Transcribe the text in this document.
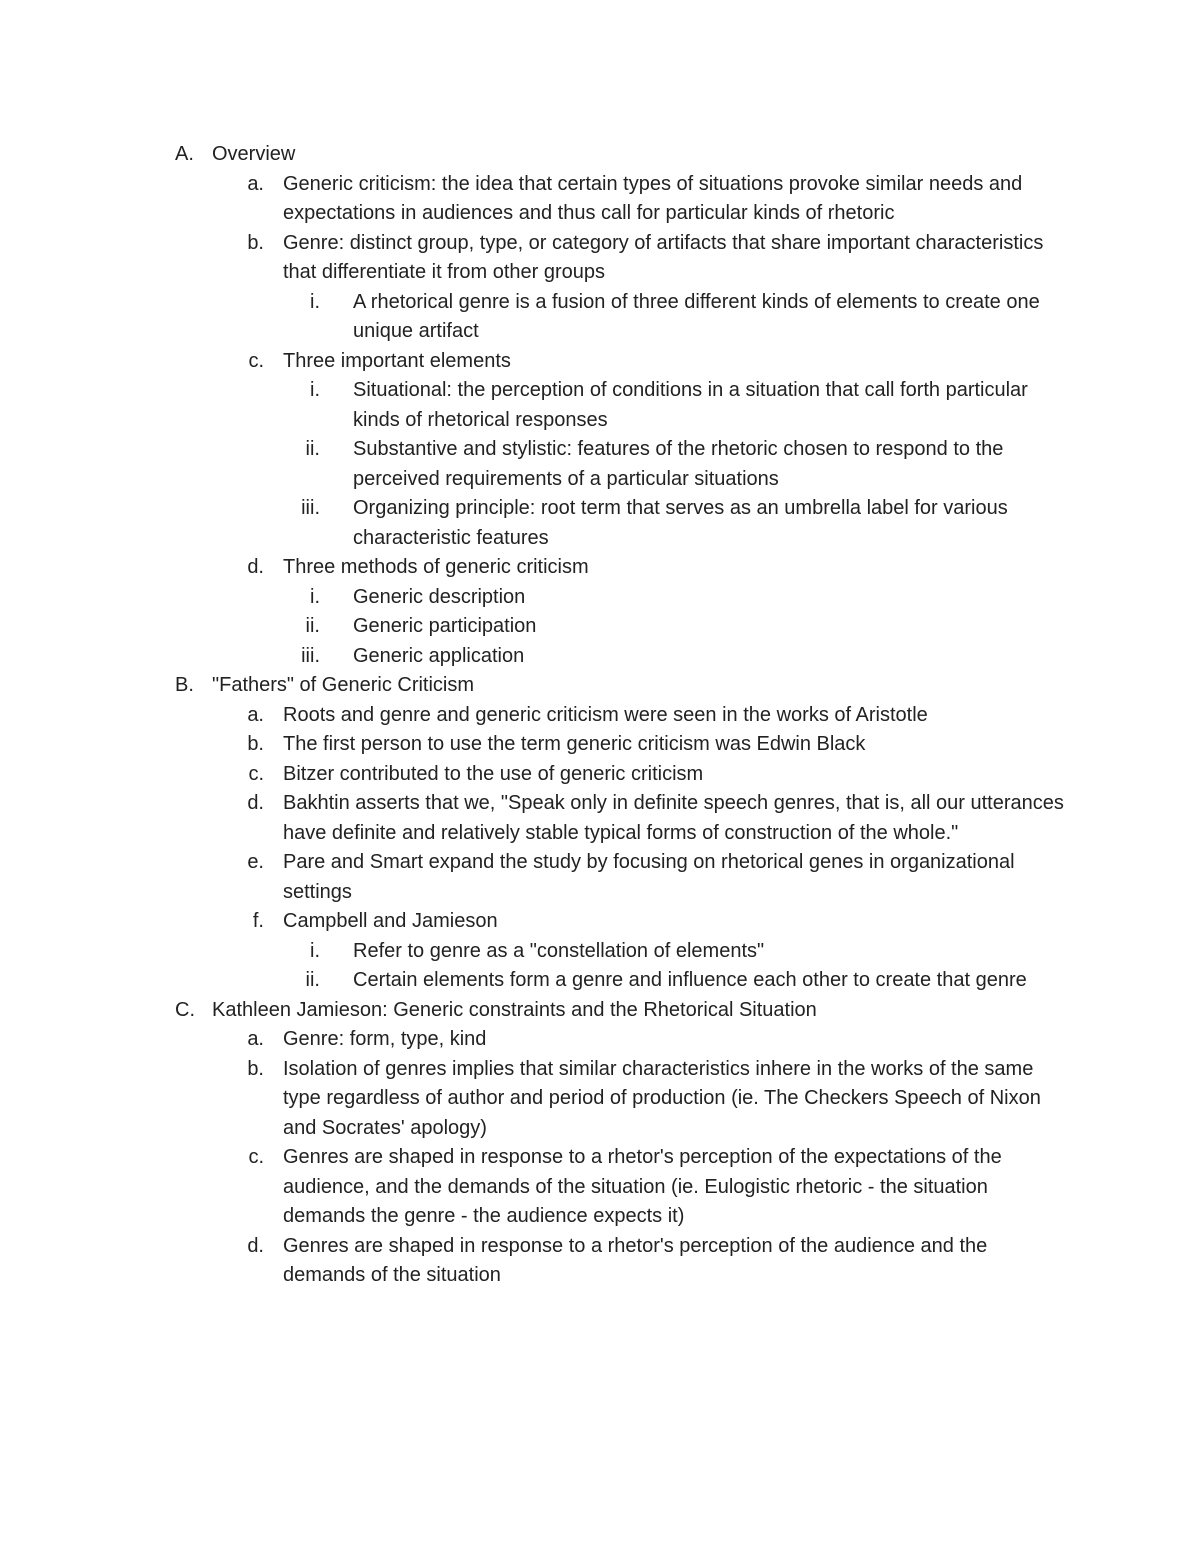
A. Overview
a. Generic criticism: the idea that certain types of situations provoke similar needs and expectations in audiences and thus call for particular kinds of rhetoric
b. Genre: distinct group, type, or category of artifacts that share important characteristics that differentiate it from other groups
i. A rhetorical genre is a fusion of three different kinds of elements to create one unique artifact
c. Three important elements
i. Situational: the perception of conditions in a situation that call forth particular kinds of rhetorical responses
ii. Substantive and stylistic: features of the rhetoric chosen to respond to the perceived requirements of a particular situations
iii. Organizing principle: root term that serves as an umbrella label for various characteristic features
d. Three methods of generic criticism
i. Generic description
ii. Generic participation
iii. Generic application
B. "Fathers" of Generic Criticism
a. Roots and genre and generic criticism were seen in the works of Aristotle
b. The first person to use the term generic criticism was Edwin Black
c. Bitzer contributed to the use of generic criticism
d. Bakhtin asserts that we, "Speak only in definite speech genres, that is, all our utterances have definite and relatively stable typical forms of construction of the whole."
e. Pare and Smart expand the study by focusing on rhetorical genes in organizational settings
f. Campbell and Jamieson
i. Refer to genre as a "constellation of elements"
ii. Certain elements form a genre and influence each other to create that genre
C. Kathleen Jamieson: Generic constraints and the Rhetorical Situation
a. Genre: form, type, kind
b. Isolation of genres implies that similar characteristics inhere in the works of the same type regardless of author and period of production (ie. The Checkers Speech of Nixon and Socrates' apology)
c. Genres are shaped in response to a rhetor's perception of the expectations of the audience, and the demands of the situation (ie. Eulogistic rhetoric - the situation demands the genre - the audience expects it)
d. Genres are shaped in response to a rhetor's perception of the audience and the demands of the situation
